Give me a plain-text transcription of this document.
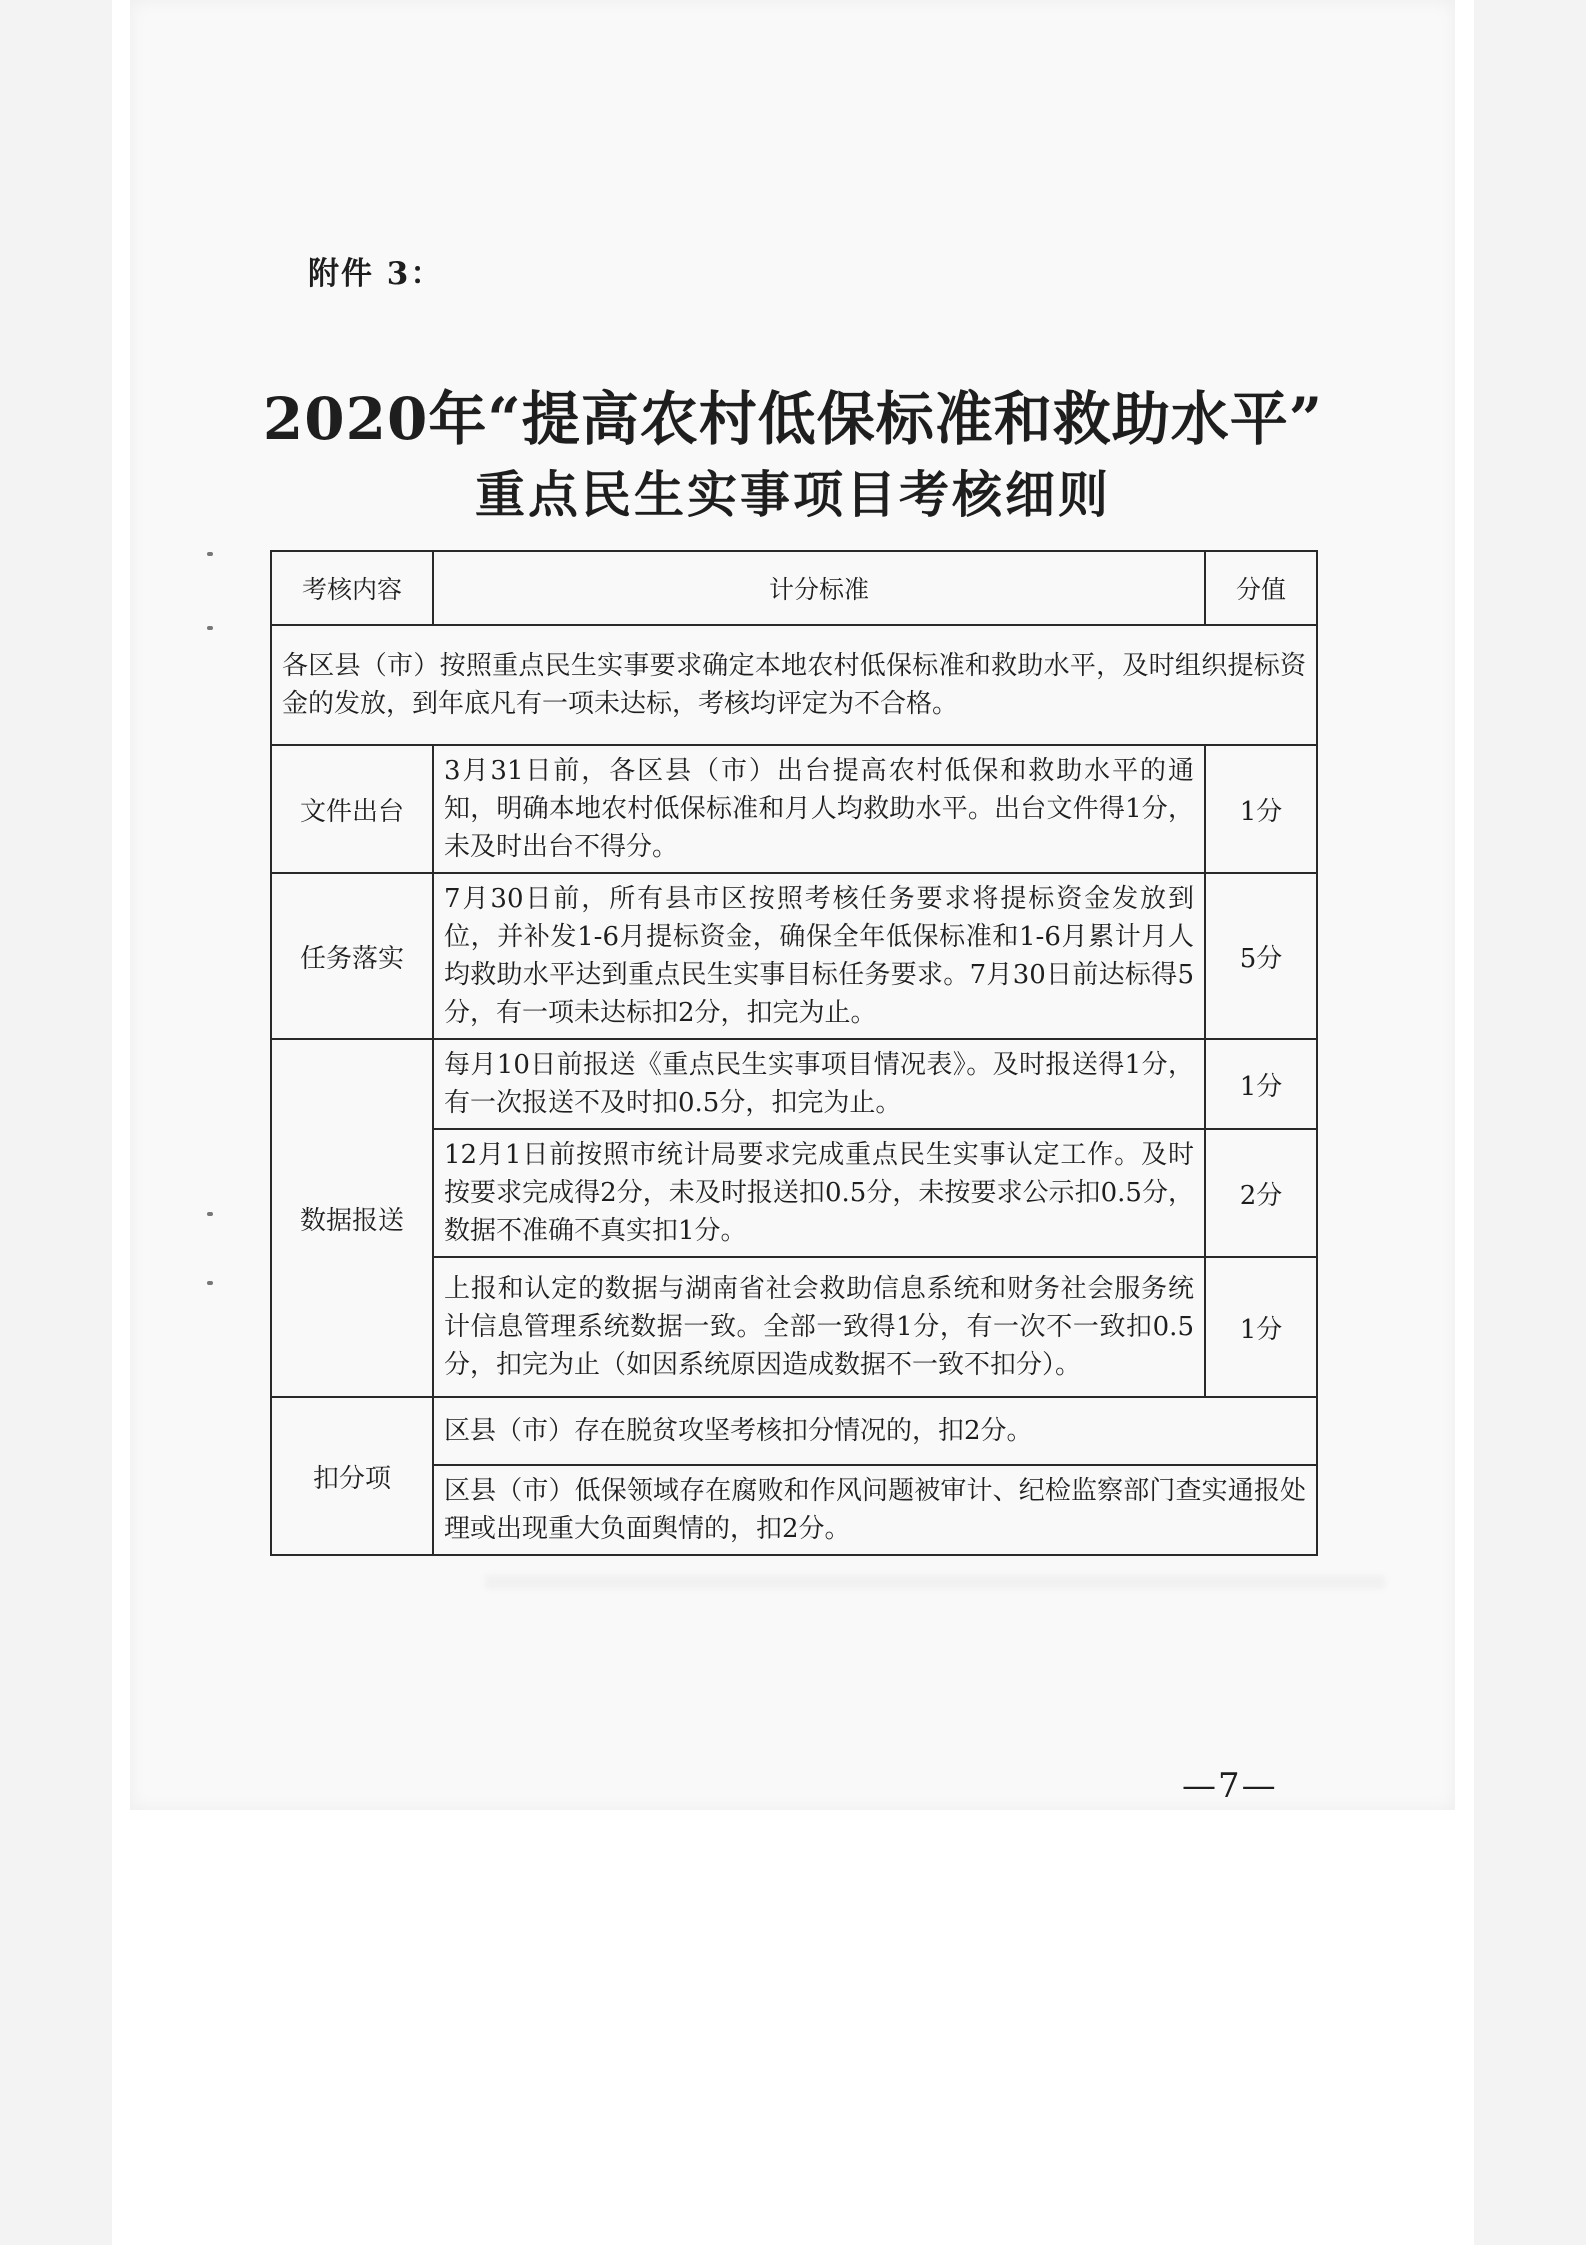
附件 3：
2020年“提高农村低保标准和救助水平”
重点民生实事项目考核细则
考核内容	计分标准	分值
各区县（市）按照重点民生实事要求确定本地农村低保标准和救助水平，及时组织提标资金的发放，到年底凡有一项未达标，考核均评定为不合格。		
文件出台	3月31日前，各区县（市）出台提高农村低保和救助水平的通知，明确本地农村低保标准和月人均救助水平。出台文件得1分，未及时出台不得分。	1分
任务落实	7月30日前，所有县市区按照考核任务要求将提标资金发放到位，并补发1-6月提标资金，确保全年低保标准和1-6月累计月人均救助水平达到重点民生实事目标任务要求。7月30日前达标得5分，有一项未达标扣2分，扣完为止。	5分
数据报送	每月10日前报送《重点民生实事项目情况表》。及时报送得1分，有一次报送不及时扣0.5分，扣完为止。	1分
	12月1日前按照市统计局要求完成重点民生实事认定工作。及时按要求完成得2分，未及时报送扣0.5分，未按要求公示扣0.5分，数据不准确不真实扣1分。	2分
	上报和认定的数据与湖南省社会救助信息系统和财务社会服务统计信息管理系统数据一致。全部一致得1分，有一次不一致扣0.5分，扣完为止（如因系统原因造成数据不一致不扣分）。	1分
扣分项	区县（市）存在脱贫攻坚考核扣分情况的，扣2分。	
	区县（市）低保领域存在腐败和作风问题被审计、纪检监察部门查实通报处理或出现重大负面舆情的，扣2分。	
—7—
